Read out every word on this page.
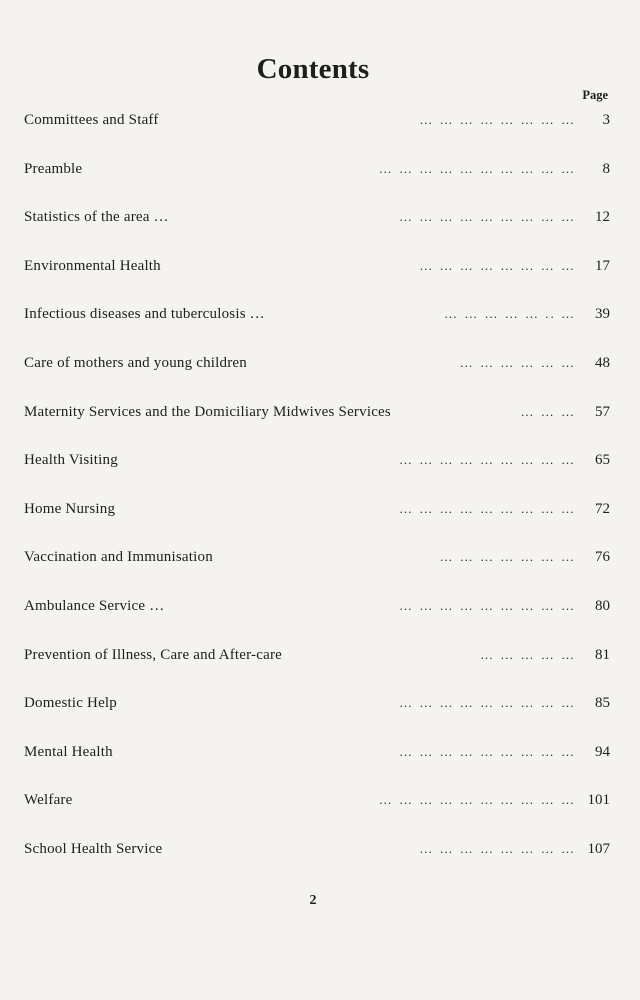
Contents
Page
Committees and Staff	… … … … … … … …	3
Preamble	… … … … … … … … … …	8
Statistics of the area …	… … … … … … … … …	12
Environmental Health	… … … … … … … …	17
Infectious diseases and tuberculosis …	… … … … … .. …	39
Care of mothers and young children	… … … … … …	48
Maternity Services and the Domiciliary Midwives Services	… … …	57
Health Visiting	… … … … … … … … …	65
Home Nursing	… … … … … … … … …	72
Vaccination and Immunisation	… … … … … … …	76
Ambulance Service …	… … … … … … … … …	80
Prevention of Illness, Care and After-care	… … … … …	81
Domestic Help	… … … … … … … … …	85
Mental Health	… … … … … … … … …	94
Welfare	… … … … … … … … … … 101
School Health Service	… … … … … … … … 107
2
